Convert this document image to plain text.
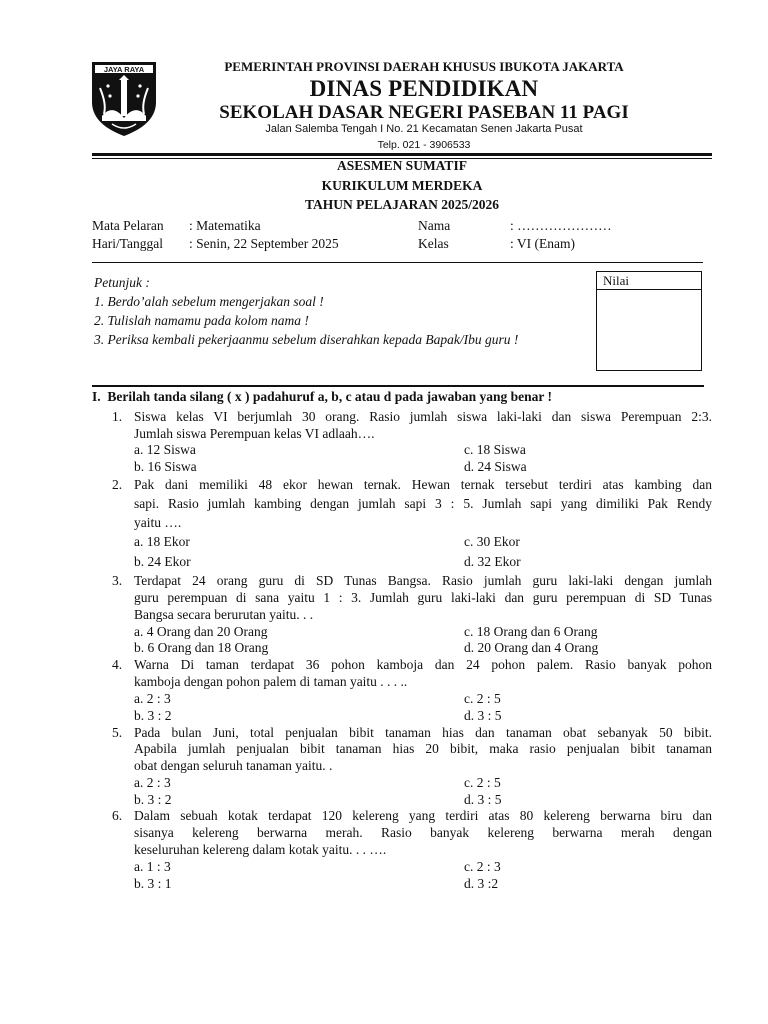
JAYA RAYA	PEMERINTAH PROVINSI DAERAH KHUSUS IBUKOTA JAKARTA
DINAS PENDIDIKAN
SEKOLAH DASAR NEGERI PASEBAN 11 PAGI
Jalan Salemba Tengah I No. 21 Kecamatan Senen Jakarta Pusat
Telp. 021 - 3906533
ASESMEN SUMATIF
KURIKULUM MERDEKA
TAHUN PELAJARAN 2025/2026
Mata Pelaran : Matematika	Nama	: …………………
Hari/Tanggal : Senin, 22 September 2025	Kelas	: VI (Enam)
Petunjuk :
1. Berdo’alah sebelum mengerjakan soal !
2. Tulislah namamu pada kolom nama !
3. Periksa kembali pekerjaanmu sebelum diserahkan kepada Bapak/Ibu guru !
Nilai
I. Berilah tanda silang ( x ) padahuruf a, b, c atau d pada jawaban yang benar !
1. Siswa kelas VI berjumlah 30 orang. Rasio jumlah siswa laki-laki dan siswa Perempuan 2:3.
Jumlah siswa Perempuan kelas VI adlaah….
a. 12 Siswa	c. 18 Siswa
b. 16 Siswa	d. 24 Siswa
2. Pak dani memiliki 48 ekor hewan ternak. Hewan ternak tersebut terdiri atas kambing dan
sapi. Rasio jumlah kambing dengan jumlah sapi 3 : 5. Jumlah sapi yang dimiliki Pak Rendy
yaitu ….
a. 18 Ekor	c. 30 Ekor
b. 24 Ekor	d. 32 Ekor
3. Terdapat 24 orang guru di SD Tunas Bangsa. Rasio jumlah guru laki-laki dengan jumlah
guru perempuan di sana yaitu 1 : 3. Jumlah guru laki-laki dan guru perempuan di SD Tunas
Bangsa secara berurutan yaitu. . .
a. 4 Orang dan 20 Orang	c. 18 Orang dan 6 Orang
b. 6 Orang dan 18 Orang	d. 20 Orang dan 4 Orang
4. Warna Di taman terdapat 36 pohon kamboja dan 24 pohon palem. Rasio banyak pohon
kamboja dengan pohon palem di taman yaitu . . . ..
a. 2 : 3	c. 2 : 5
b. 3 : 2	d. 3 : 5
5. Pada bulan Juni, total penjualan bibit tanaman hias dan tanaman obat sebanyak 50 bibit.
Apabila jumlah penjualan bibit tanaman hias 20 bibit, maka rasio penjualan bibit tanaman
obat dengan seluruh tanaman yaitu. .
a. 2 : 3	c. 2 : 5
b. 3 : 2	d. 3 : 5
6. Dalam sebuah kotak terdapat 120 kelereng yang terdiri atas 80 kelereng berwarna biru dan
sisanya kelereng berwarna merah. Rasio banyak kelereng berwarna merah dengan
keseluruhan kelereng dalam kotak yaitu. . . ….
a. 1 : 3	c. 2 : 3
b. 3 : 1	d. 3 :2
